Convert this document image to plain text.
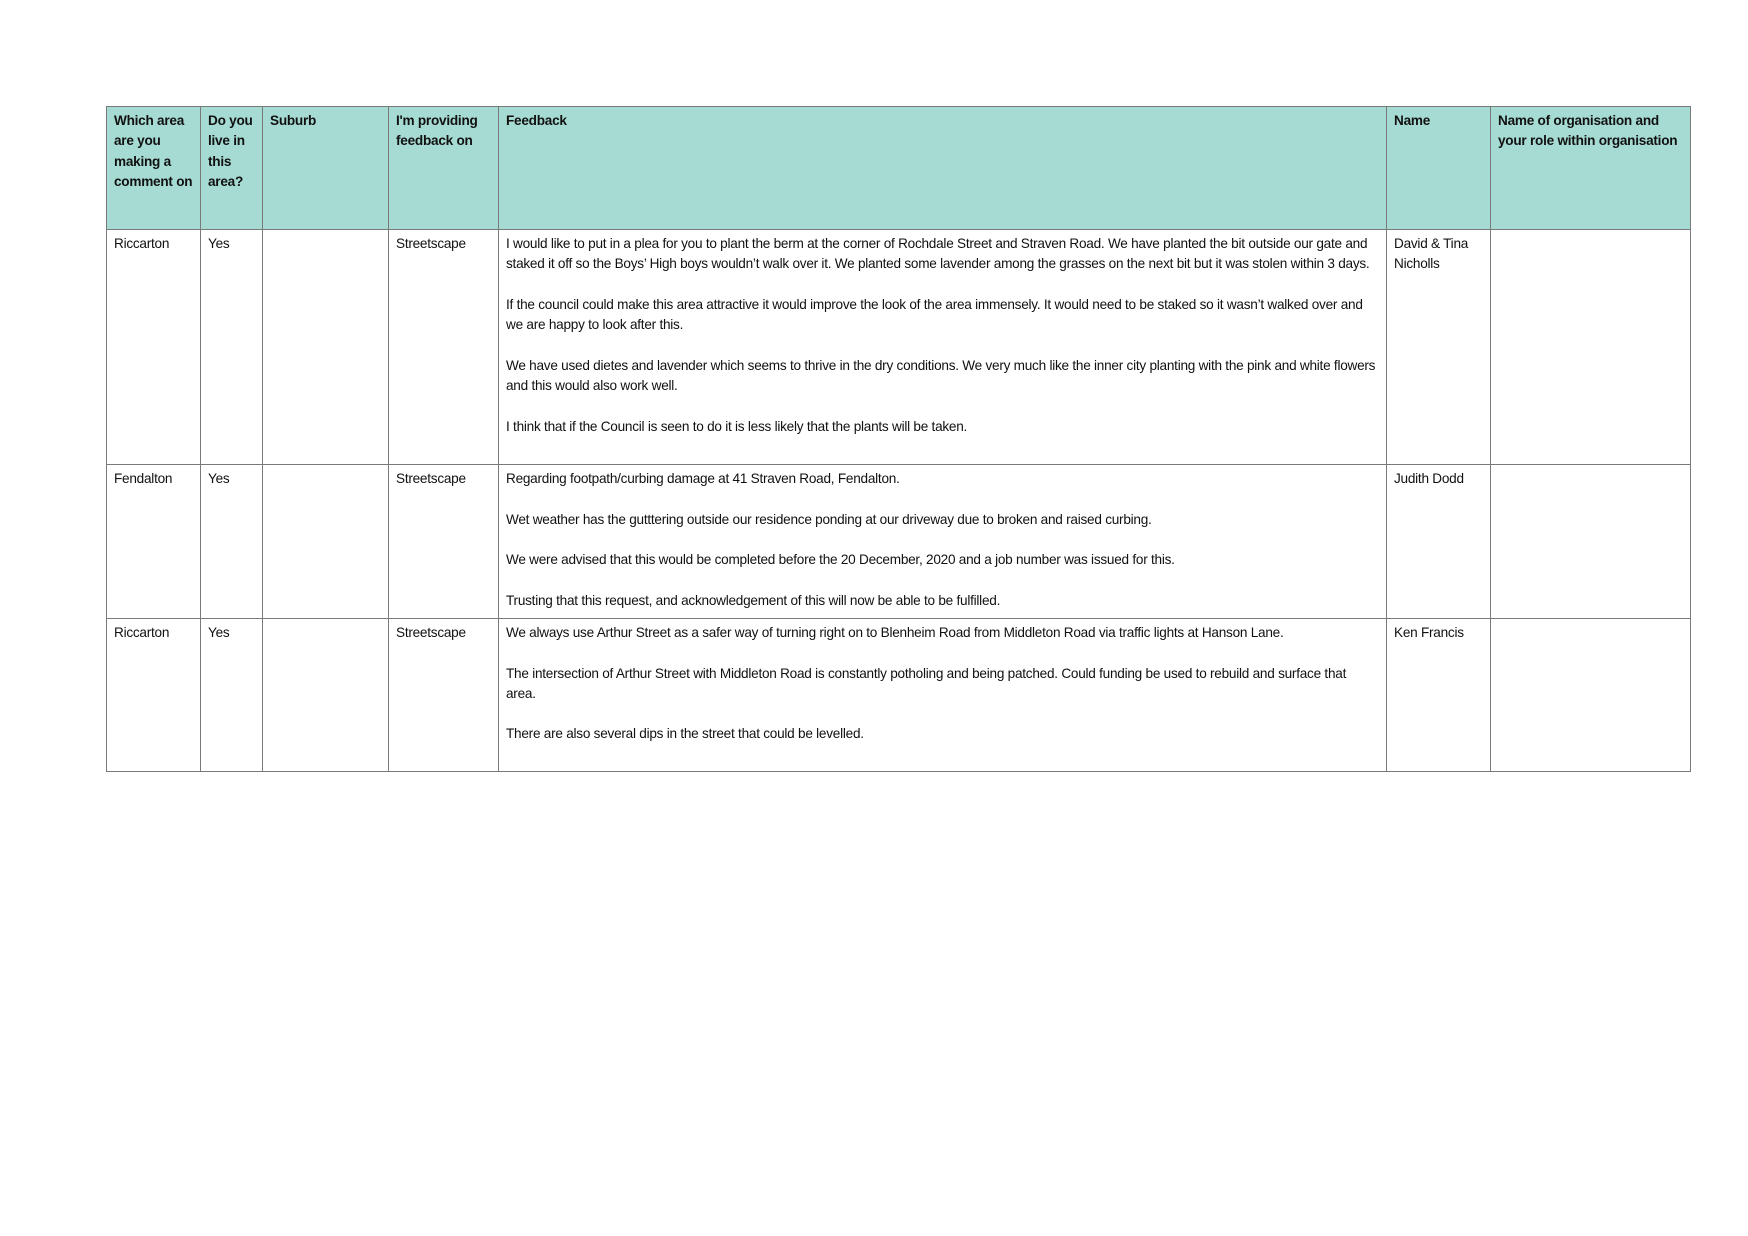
Which area are you making a comment on	Do you live in this area?	Suburb	I'm providing feedback on	Feedback	Name	Name of organisation and your role within organisation
Riccarton	Yes		Streetscape	I would like to put in a plea for you to plant the berm at the corner of Rochdale Street and Straven Road. We have planted the bit outside our gate and staked it off so the Boys’ High boys wouldn’t walk over it. We planted some lavender among the grasses on the next bit but it was stolen within 3 days.

If the council could make this area attractive it would improve the look of the area immensely. It would need to be staked so it wasn’t walked over and we are happy to look after this.

We have used dietes and lavender which seems to thrive in the dry conditions. We very much like the inner city planting with the pink and white flowers and this would also work well.

I think that if the Council is seen to do it is less likely that the plants will be taken.	David & Tina Nicholls	
Fendalton	Yes		Streetscape	Regarding footpath/curbing damage at 41 Straven Road, Fendalton.

Wet weather has the gutttering outside our residence ponding at our driveway due to broken and raised curbing.

We were advised that this would be completed before the 20 December, 2020 and a job number was issued for this.

Trusting that this request, and acknowledgement of this will now be able to be fulfilled.	Judith Dodd	
Riccarton	Yes		Streetscape	We always use Arthur Street as a safer way of turning right on to Blenheim Road from Middleton Road via traffic lights at Hanson Lane.

The intersection of Arthur Street with Middleton Road is constantly potholing and being patched. Could funding be used to rebuild and surface that area.

There are also several dips in the street that could be levelled.	Ken Francis	
